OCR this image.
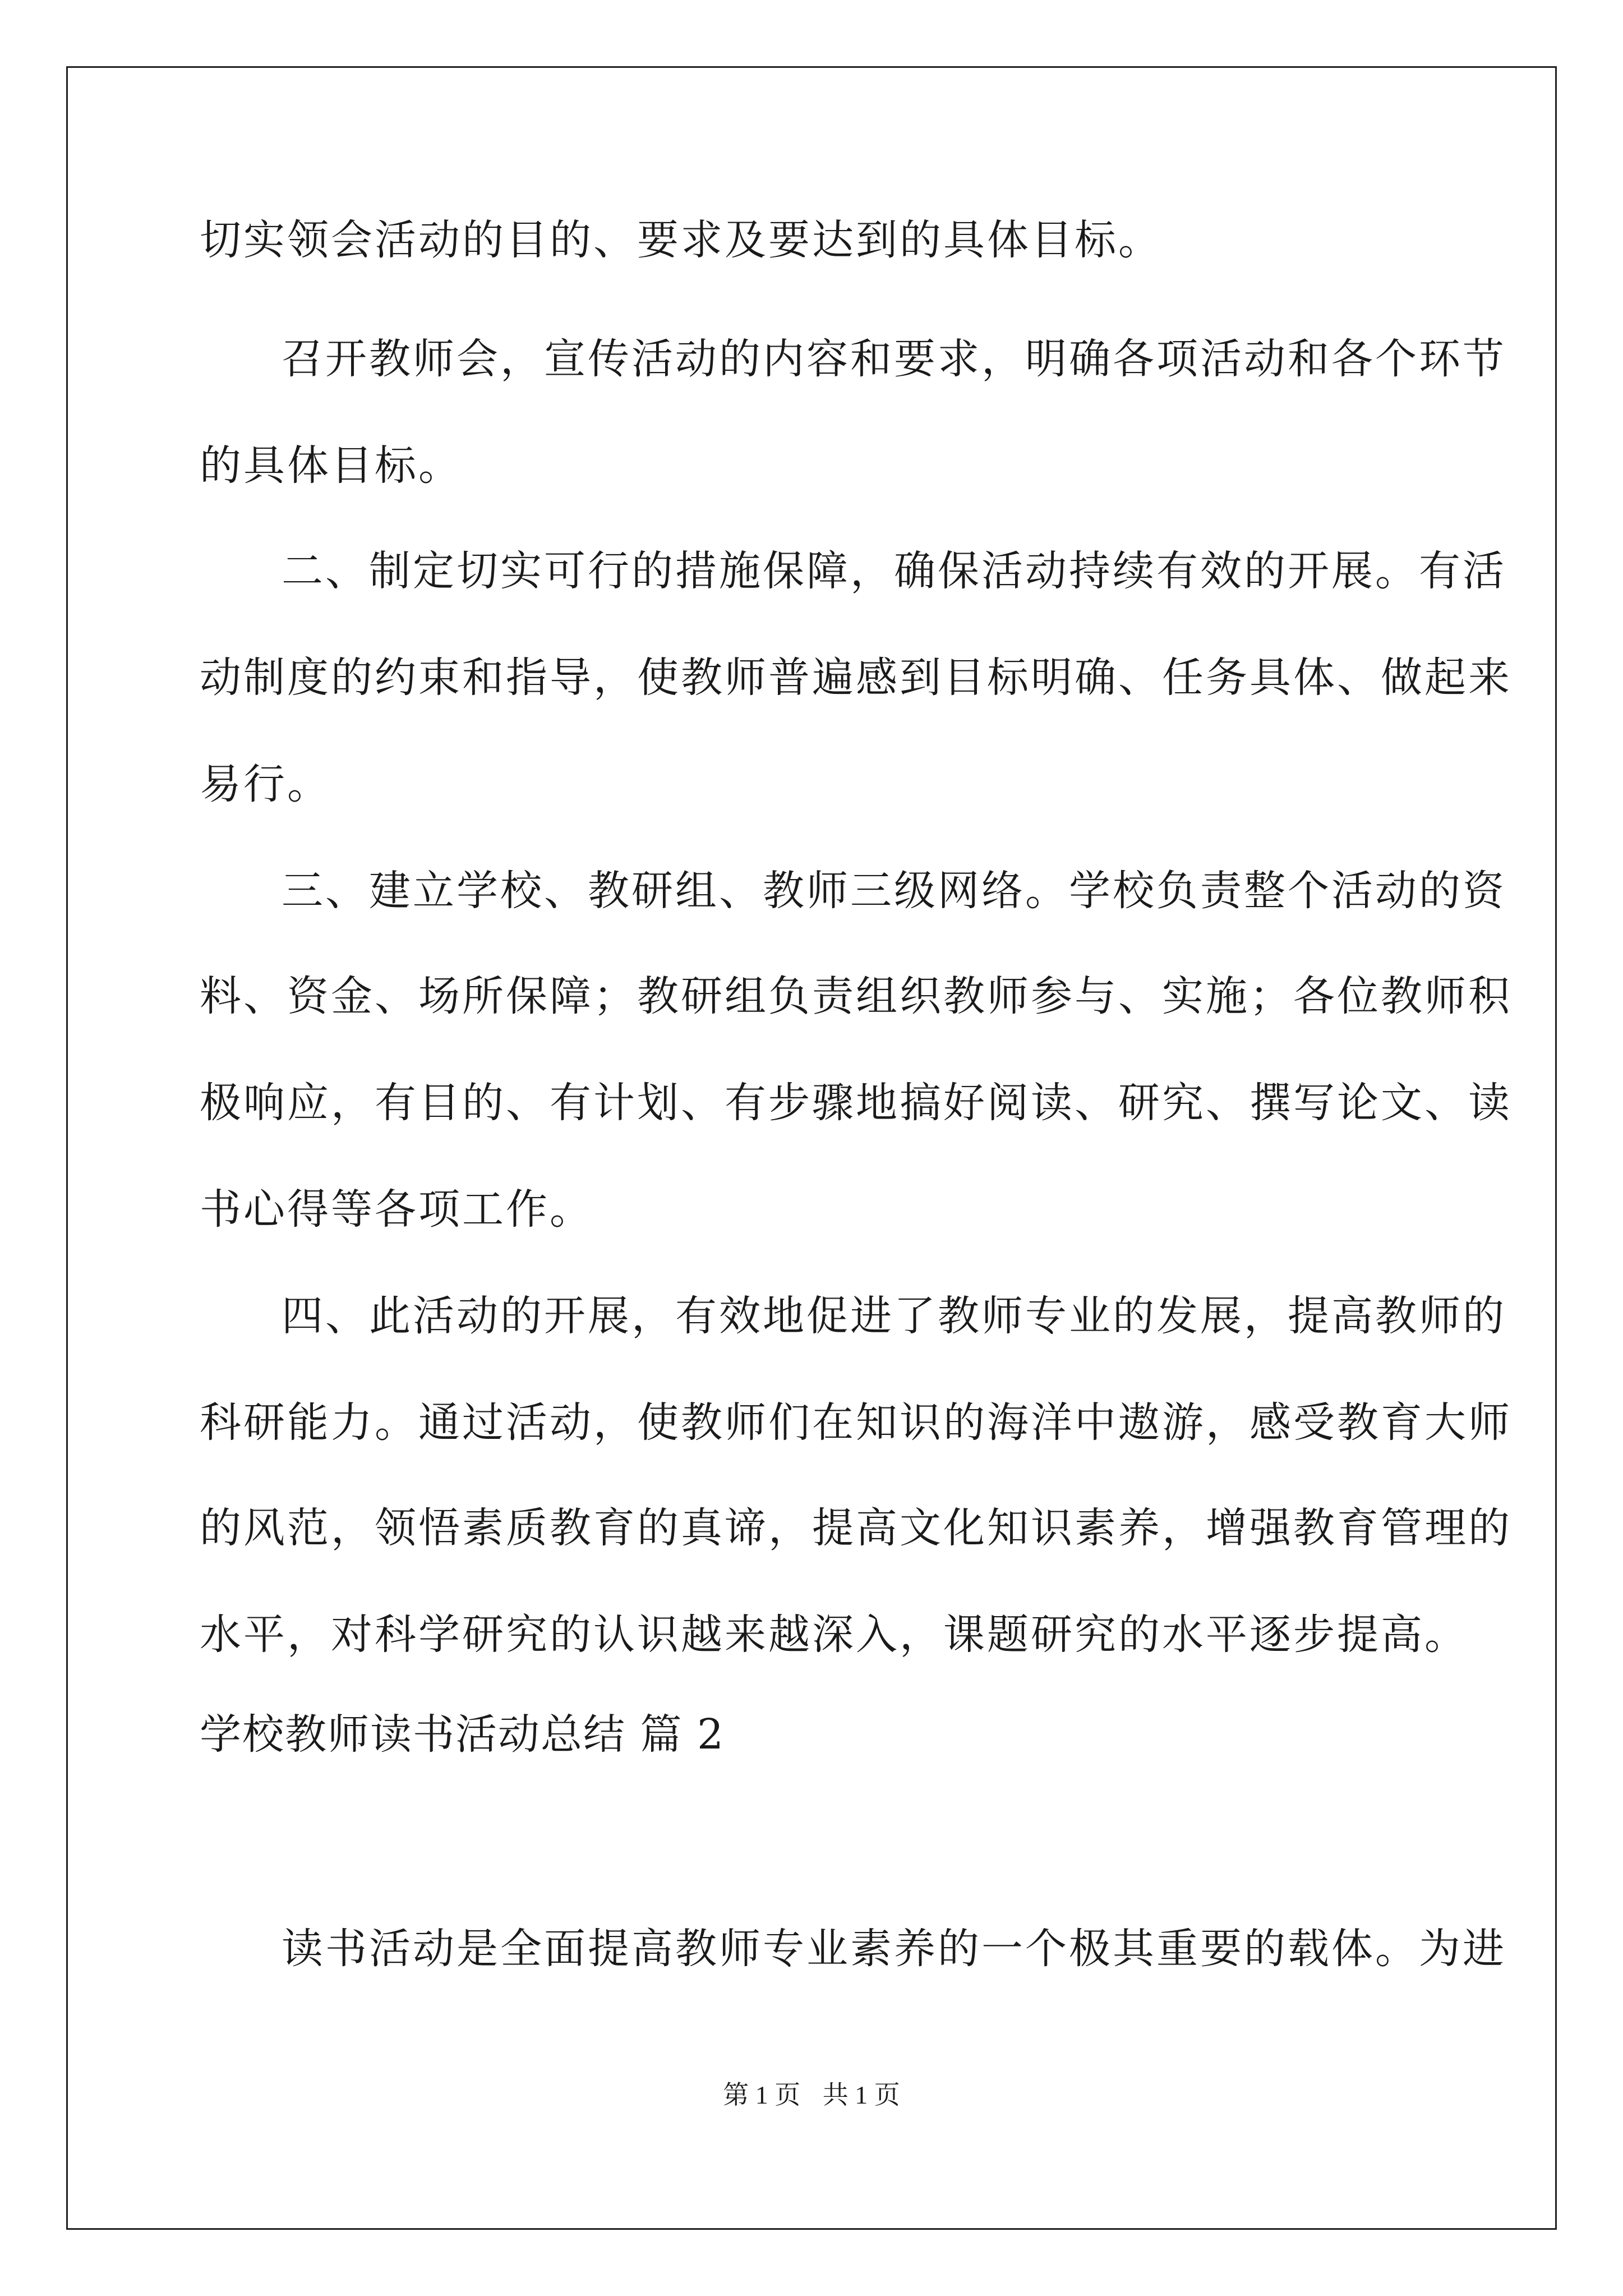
切实领会活动的目的、要求及要达到的具体目标。
召开教师会，宣传活动的内容和要求，明确各项活动和各个环节
的具体目标。
二、制定切实可行的措施保障，确保活动持续有效的开展。有活
动制度的约束和指导，使教师普遍感到目标明确、任务具体、做起来
易行。
三、建立学校、教研组、教师三级网络。学校负责整个活动的资
料、资金、场所保障；教研组负责组织教师参与、实施；各位教师积
极响应，有目的、有计划、有步骤地搞好阅读、研究、撰写论文、读
书心得等各项工作。
四、此活动的开展，有效地促进了教师专业的发展，提高教师的
科研能力。通过活动，使教师们在知识的海洋中遨游，感受教育大师
的风范，领悟素质教育的真谛，提高文化知识素养，增强教育管理的
水平，对科学研究的认识越来越深入，课题研究的水平逐步提高。
学校教师读书活动总结 篇 2
读书活动是全面提高教师专业素养的一个极其重要的载体。为进
第 1 页 共 1 页
